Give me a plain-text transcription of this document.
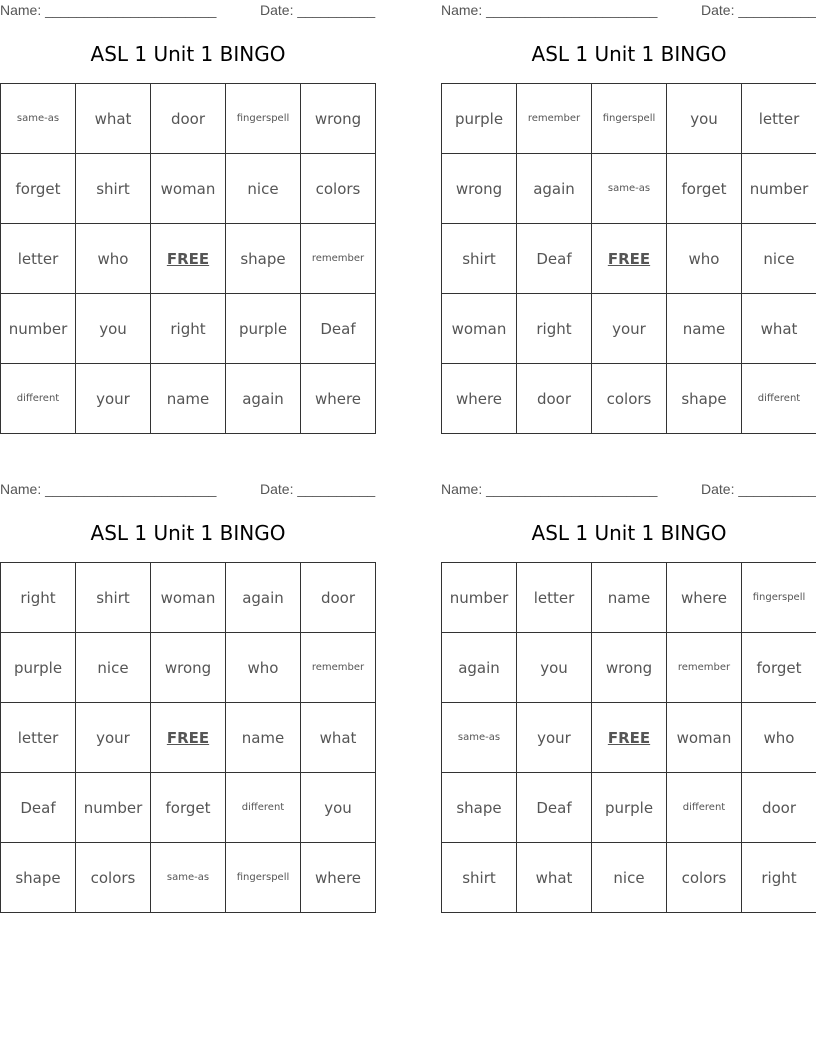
Name: ______________________	Date: __________
ASL 1 Unit 1 BINGO
same-as	what	door	fingerspell	wrong
forget	shirt	woman	nice	colors
letter	who	FREE	shape	remember
number	you	right	purple	Deaf
different	your	name	again	where
Name: ______________________	Date: __________
ASL 1 Unit 1 BINGO
purple	remember	fingerspell	you	letter
wrong	again	same-as	forget	number
shirt	Deaf	FREE	who	nice
woman	right	your	name	what
where	door	colors	shape	different
Name: ______________________	Date: __________
ASL 1 Unit 1 BINGO
right	shirt	woman	again	door
purple	nice	wrong	who	remember
letter	your	FREE	name	what
Deaf	number	forget	different	you
shape	colors	same-as	fingerspell	where
Name: ______________________	Date: __________
ASL 1 Unit 1 BINGO
number	letter	name	where	fingerspell
again	you	wrong	remember	forget
same-as	your	FREE	woman	who
shape	Deaf	purple	different	door
shirt	what	nice	colors	right
